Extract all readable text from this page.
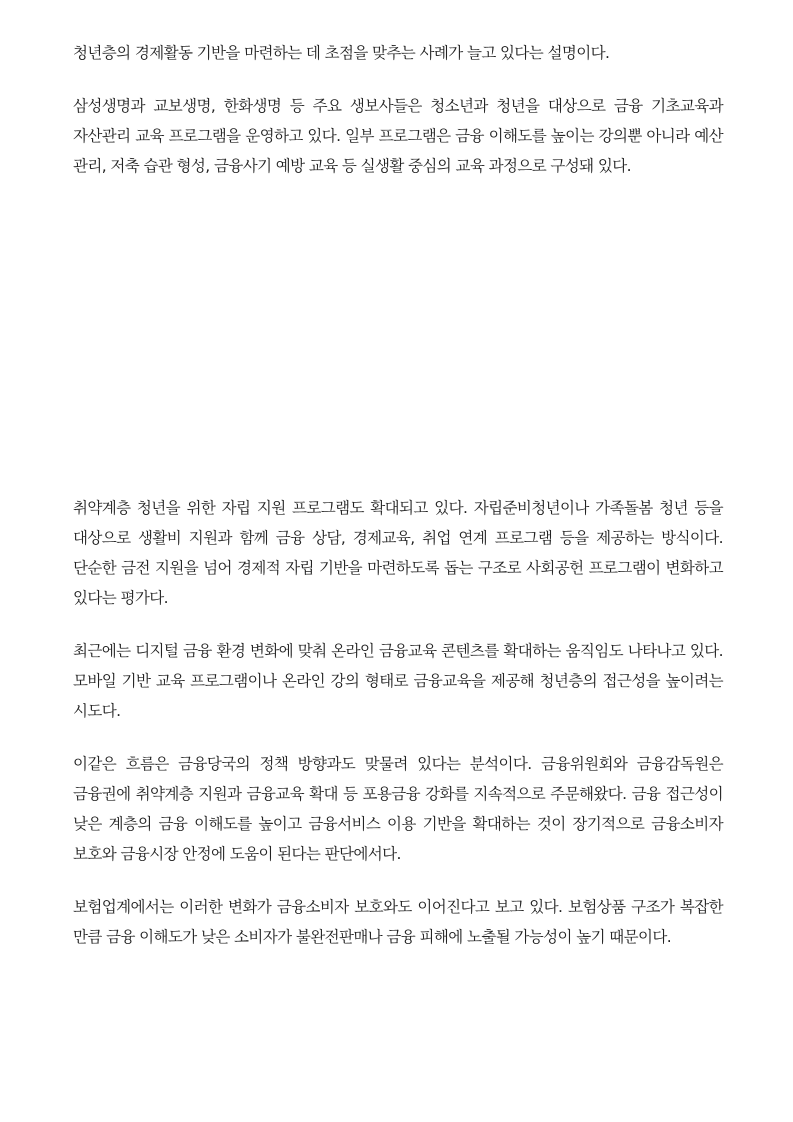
청년층의 경제활동 기반을 마련하는 데 초점을 맞추는 사례가 늘고 있다는 설명이다.

삼성생명과 교보생명, 한화생명 등 주요 생보사들은 청소년과 청년을 대상으로 금융 기초교육과 자산관리 교육 프로그램을 운영하고 있다. 일부 프로그램은 금융 이해도를 높이는 강의뿐 아니라 예산 관리, 저축 습관 형성, 금융사기 예방 교육 등 실생활 중심의 교육 과정으로 구성돼 있다.

취약계층 청년을 위한 자립 지원 프로그램도 확대되고 있다. 자립준비청년이나 가족돌봄 청년 등을 대상으로 생활비 지원과 함께 금융 상담, 경제교육, 취업 연계 프로그램 등을 제공하는 방식이다. 단순한 금전 지원을 넘어 경제적 자립 기반을 마련하도록 돕는 구조로 사회공헌 프로그램이 변화하고 있다는 평가다.

최근에는 디지털 금융 환경 변화에 맞춰 온라인 금융교육 콘텐츠를 확대하는 움직임도 나타나고 있다. 모바일 기반 교육 프로그램이나 온라인 강의 형태로 금융교육을 제공해 청년층의 접근성을 높이려는 시도다.

이같은 흐름은 금융당국의 정책 방향과도 맞물려 있다는 분석이다. 금융위원회와 금융감독원은 금융권에 취약계층 지원과 금융교육 확대 등 포용금융 강화를 지속적으로 주문해왔다. 금융 접근성이 낮은 계층의 금융 이해도를 높이고 금융서비스 이용 기반을 확대하는 것이 장기적으로 금융소비자 보호와 금융시장 안정에 도움이 된다는 판단에서다.

보험업계에서는 이러한 변화가 금융소비자 보호와도 이어진다고 보고 있다. 보험상품 구조가 복잡한 만큼 금융 이해도가 낮은 소비자가 불완전판매나 금융 피해에 노출될 가능성이 높기 때문이다.
